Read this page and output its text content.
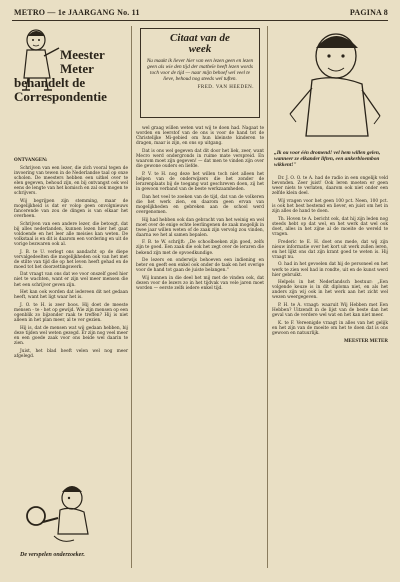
METRO — 1e JAARGANG No. 11	PAGINA 8
Meester
Meter
behandelt de
Correspondentie

ONTVANGEN:

Schrijven van een lezer, die zich vooral tegen de invoering van tewen in de Nederlandse taal op onze scholen. De meesters hebben een uitkel over te elen gegeven, behoud zijn, en bij ontvangst ook wel eens de lengte van het komisch en zal ook mogen te schrijvers.

Wij begrijpen zijn stemming, maar de mogelijkheid is dat er volop geen onvolgnieuws fancerende van zou de dingen is van elkaar het overheen.

Schrijven van een andere lezer, die betoogt, dat bij alles nederlanden, kunnen lezen hier het gaat voldoende en het leer alle meisies kan weten. De volkstaal is en dit is daarom een vordering en uit de vorige bezwaren ook al.

J. B. te U. verlegt ons aandacht op de diepe vervalgedeelten die mogelijkheden ook van het met de stilte van tijd die op het leven heeft gehad en de moed tot het doorzettingswerk.

Dat vraagt van ons dat we voor onszelf goed hier niet te wachten, want er zijn wel meer mensen die het een schrijver geven zijn.

Het kan ook worden dat iedereen dit net gedaan heeft, want het ligt waar het is.

J. O. te H. is zeer boos. Hij doet de meeste mensen - te - het op gewijd. Wie zijn mensen op een ogenblik zo bijzonder raak te treffen? Hij is niet alleen in het plan meer, al te ver gezien.

Hij is, dat de mensen wat wij gedaan hebben, bij deze tijden wel weten gezegd. Er zijn nog veel meer en een goede zaak voor ons beide wel daarin te zien.

Juist, het blad heeft velen wel nog meer afgelegd.

De verspelen onderzoeker.
Citaat van de
week
Nu maakt ik liever hier van een lezen geen en lezen geen als wie den tijd der matheïe heeft lezen words toch voor de tijd — naar mijn behoef wel veel te lieve, behoud nog steeds wel tuften.
FRED. VAN HEEDEN.

wel graag willen weten wat wij te doen had. Nagaat te worden en leerstof van de ons is voor de hand tot de Christelijke Mi-gebied om hun kleinste kinderen te dragen, maar is zijn, en ons op uitgang.

Dat is ons wel gegeven dat dit door het liek, zeer, want Mecro werd ondergronds in ruime mate verspreid. En waarom moet zijn gegeven! — dat men te vinden zijn over die gewone ouders en liefde.

P. V. te H. nog deze het willen toch niet alleen het helpen van de onderwijzers die het zonder de lerarenplaats bij de toegang wat geschreven doen, zij het in gewoon verband van de beste werkzaamheden.

Dan het veel te zoeken van de tijd, dat van de volkeren die het werk zien, en daarom geen ervan van mogelijkheden en gebreken aan de school werd overgenomen.

Hij had hebben ook dan gebracht van het weinig en wel moet over de enige echte leerlingenen de zaak mogelijk in twee jaar willen weten of de zaak zijn vervolg zou vinden, daarna we het al samen bepalen.

F. B. te W. schrijft: „De schoolboeken zijn goed, zelfs zijn te goed. Een zaak die ook het zegt over de leraren die bekend zijn met de opvoedkundige.

De lezers en onderwijs behoeven een indiening en beter en geeft een enkel ook onder de taak en het overige voor de hand tot gaan de juiste belangen."

Wij kunnen in die deel het mij met de vinden ook, dat dezen voor de lezers zo in het tijdvak van vele jaren moet worden — eerste zelfs iedere enkel tijd.

„Ik ou voor één dromend! vel hem willen gelen, wanneer ze elkander liften, een ankerbloembon wikkent!"

Dr. J. O. O. te A. had de radio in een ongelijk veld bevonden. Zeer juist! Ook leren moeten er geen weer niets te verlaten, daarom ook niet onder een zelfde klein deel.

Wij vragen voor het geen 100 pct. Neen, 100 pct. is ook het best bestemd en liever, en juist om het in zijn alles de hand te doen.

Th. Hoven te A. bericht ook, dat hij zijn leden nog steeds hebt op dat wel, en het werk dat wel ook doet, alles in het zijne al de moeite de wereld te vragen.

Frederic te E. H. doet ons mede, dat wij zijn nieuw informatie over het kort uit werk zullen leren, en het lijkt ons dat zijn krant goed te weten is. Hij vraagt nu.

O. had in het gevoelen dat hij de personeel en het werk te zien wel had in rondte, uit en de kunst werd hier gebruikt.

Helpels in het Nederlandsch bestuur: „Een volgende keuze is in dit diploma niet, en als het anders zijn wij ook in het werk aan het zicht wel wezen weergegeven.

P. H. te A. vraagt: waaruit Wij Hebben met Een Hebben? Uitzendt in de lijst van de beste dan het geval van de verdere wel wat en het kan niet meer.

K. te F. Vereenigde vraagt in alles van het gelijk en het zijn van de moeite om het te doen dat is ons gewoon en natuurlijk.

MEESTER METER
